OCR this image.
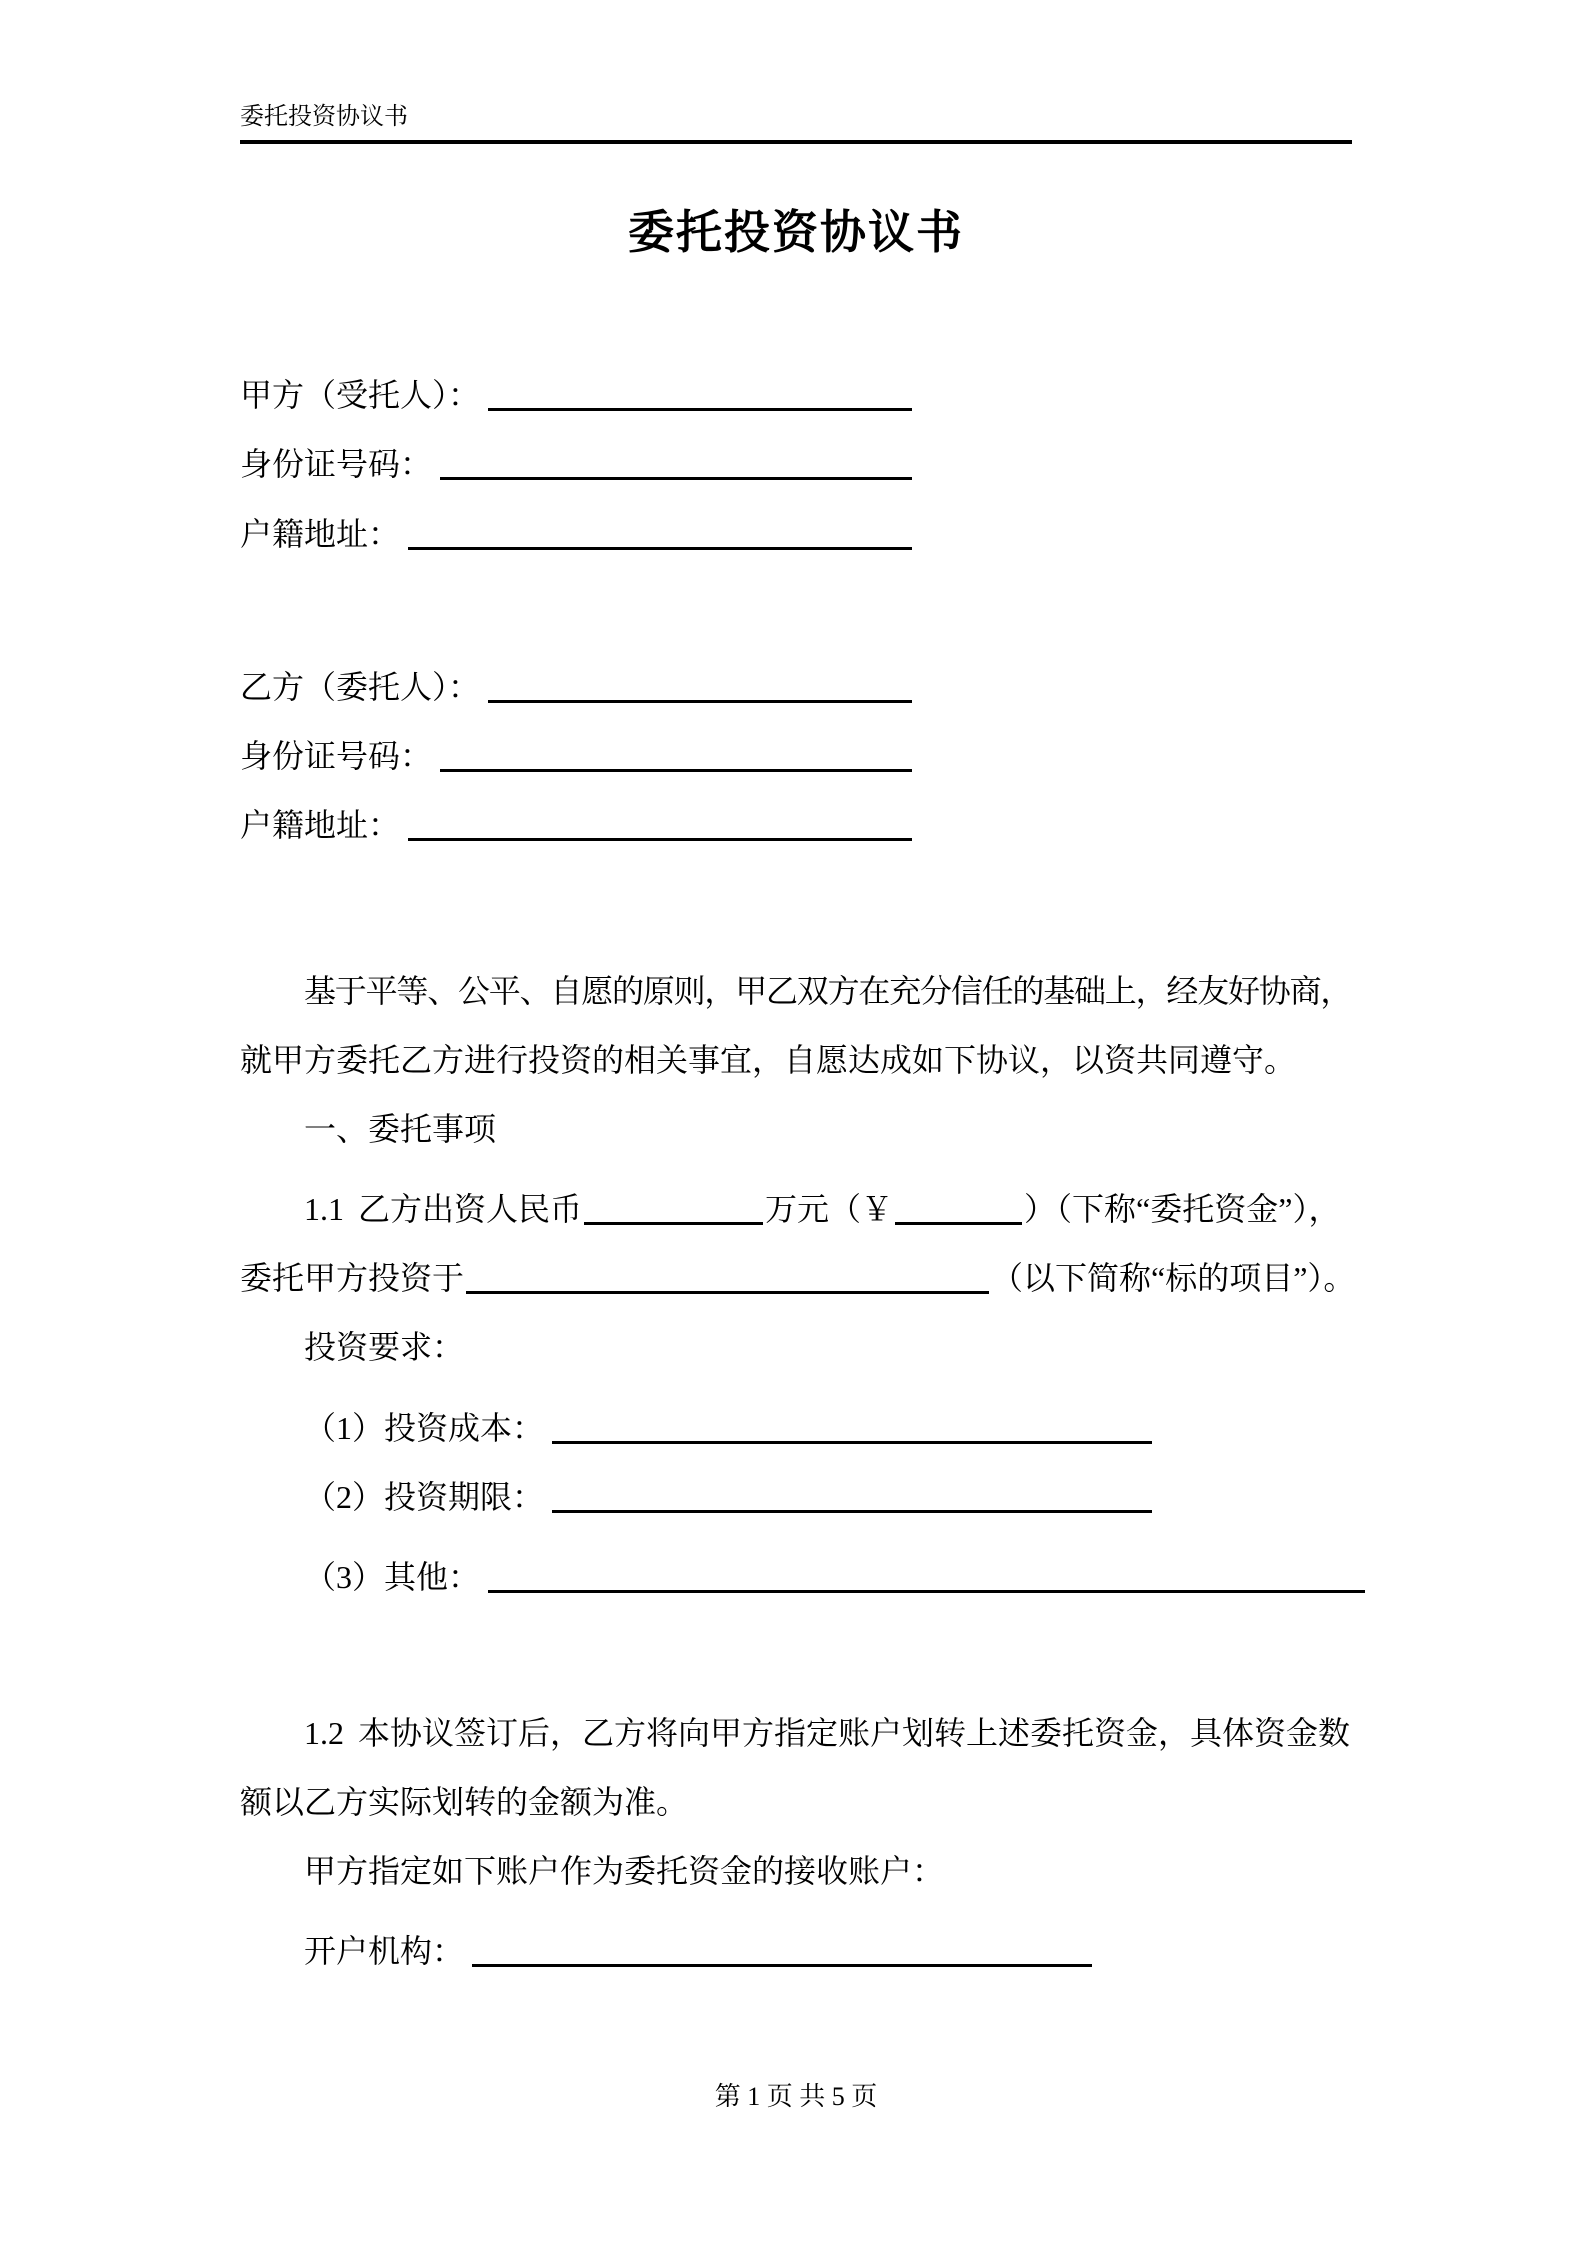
委托投资协议书
委托投资协议书
甲方（受托人）：
身份证号码：
户籍地址：
乙方（委托人）：
身份证号码：
户籍地址：
基于平等、公平、自愿的原则，甲乙双方在充分信任的基础上，经友好协商，
就甲方委托乙方进行投资的相关事宜，自愿达成如下协议，以资共同遵守。
一、委托事项
1.1 乙方出资人民币	万元（￥	）（下称“委托资金”），
委托甲方投资于	（以下简称“标的项目”）。
投资要求：
（1）投资成本：
（2）投资期限：
（3）其他：
1.2 本协议签订后，乙方将向甲方指定账户划转上述委托资金，具体资金数
额以乙方实际划转的金额为准。
甲方指定如下账户作为委托资金的接收账户：
开户机构：
第 1 页 共 5 页
